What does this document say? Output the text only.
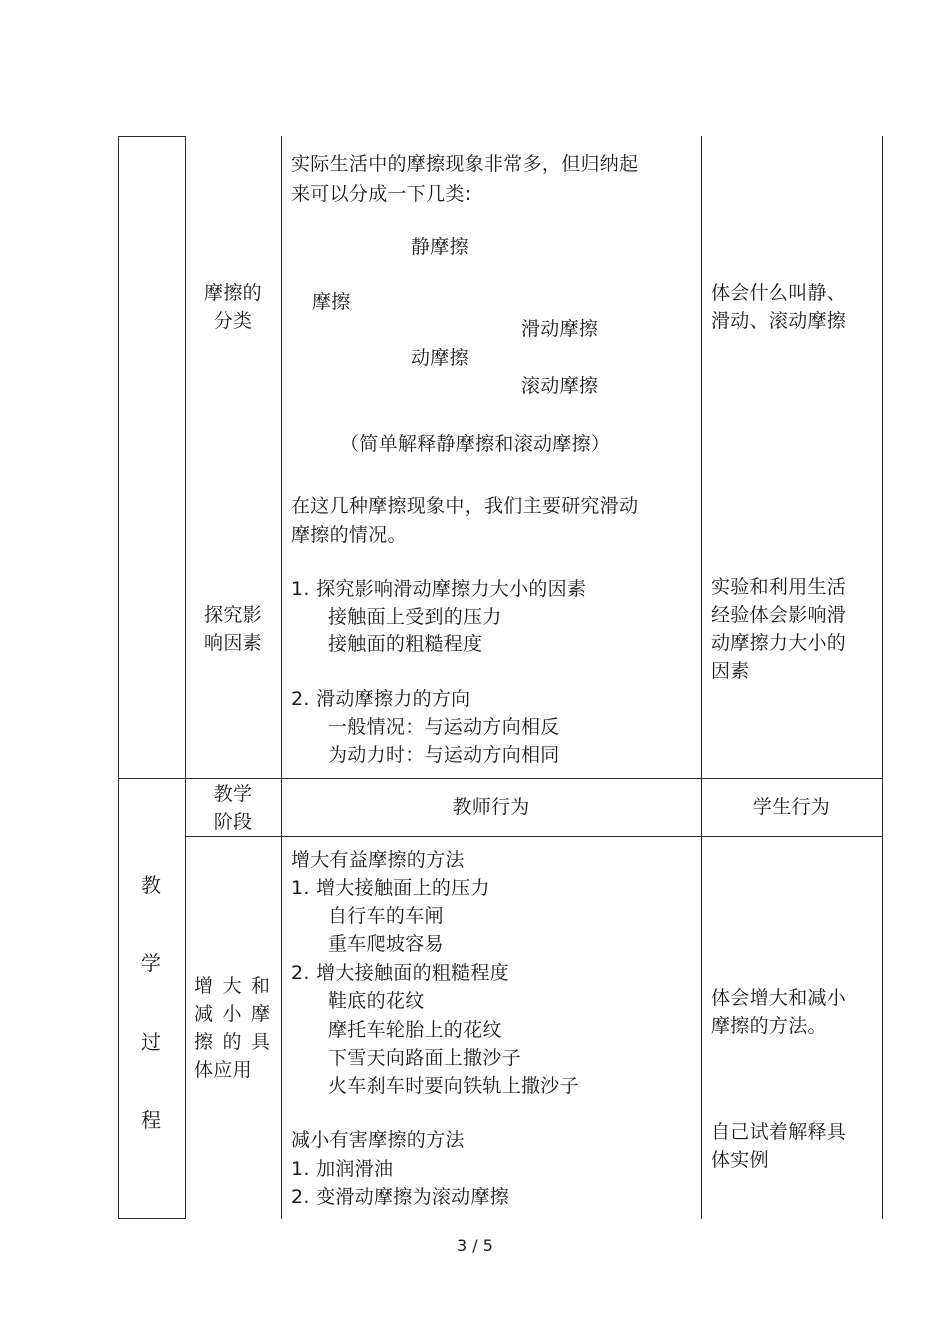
摩擦的
分类
实际生活中的摩擦现象非常多，但归纳起
来可以分成一下几类:
静摩擦
摩擦
滑动摩擦
动摩擦
滚动摩擦
（简单解释静摩擦和滚动摩擦）
体会什么叫静、
滑动、滚动摩擦
探究影
响因素
在这几种摩擦现象中，我们主要研究滑动
摩擦的情况。
1. 探究影响滑动摩擦力大小的因素
接触面上受到的压力
接触面的粗糙程度
2. 滑动摩擦力的方向
一般情况：与运动方向相反
为动力时：与运动方向相同
实验和利用生活
经验体会影响滑
动摩擦力大小的
因素
教学
阶段
教师行为	学生行为
教
学
过
程
增大和
减小摩
擦的具
体应用
增大有益摩擦的方法
1. 增大接触面上的压力
自行车的车闸
重车爬坡容易
2. 增大接触面的粗糙程度
鞋底的花纹
摩托车轮胎上的花纹
下雪天向路面上撒沙子
火车刹车时要向铁轨上撒沙子
减小有害摩擦的方法
1. 加润滑油
2. 变滑动摩擦为滚动摩擦
体会增大和减小
摩擦的方法。
自己试着解释具
体实例
3 / 5
